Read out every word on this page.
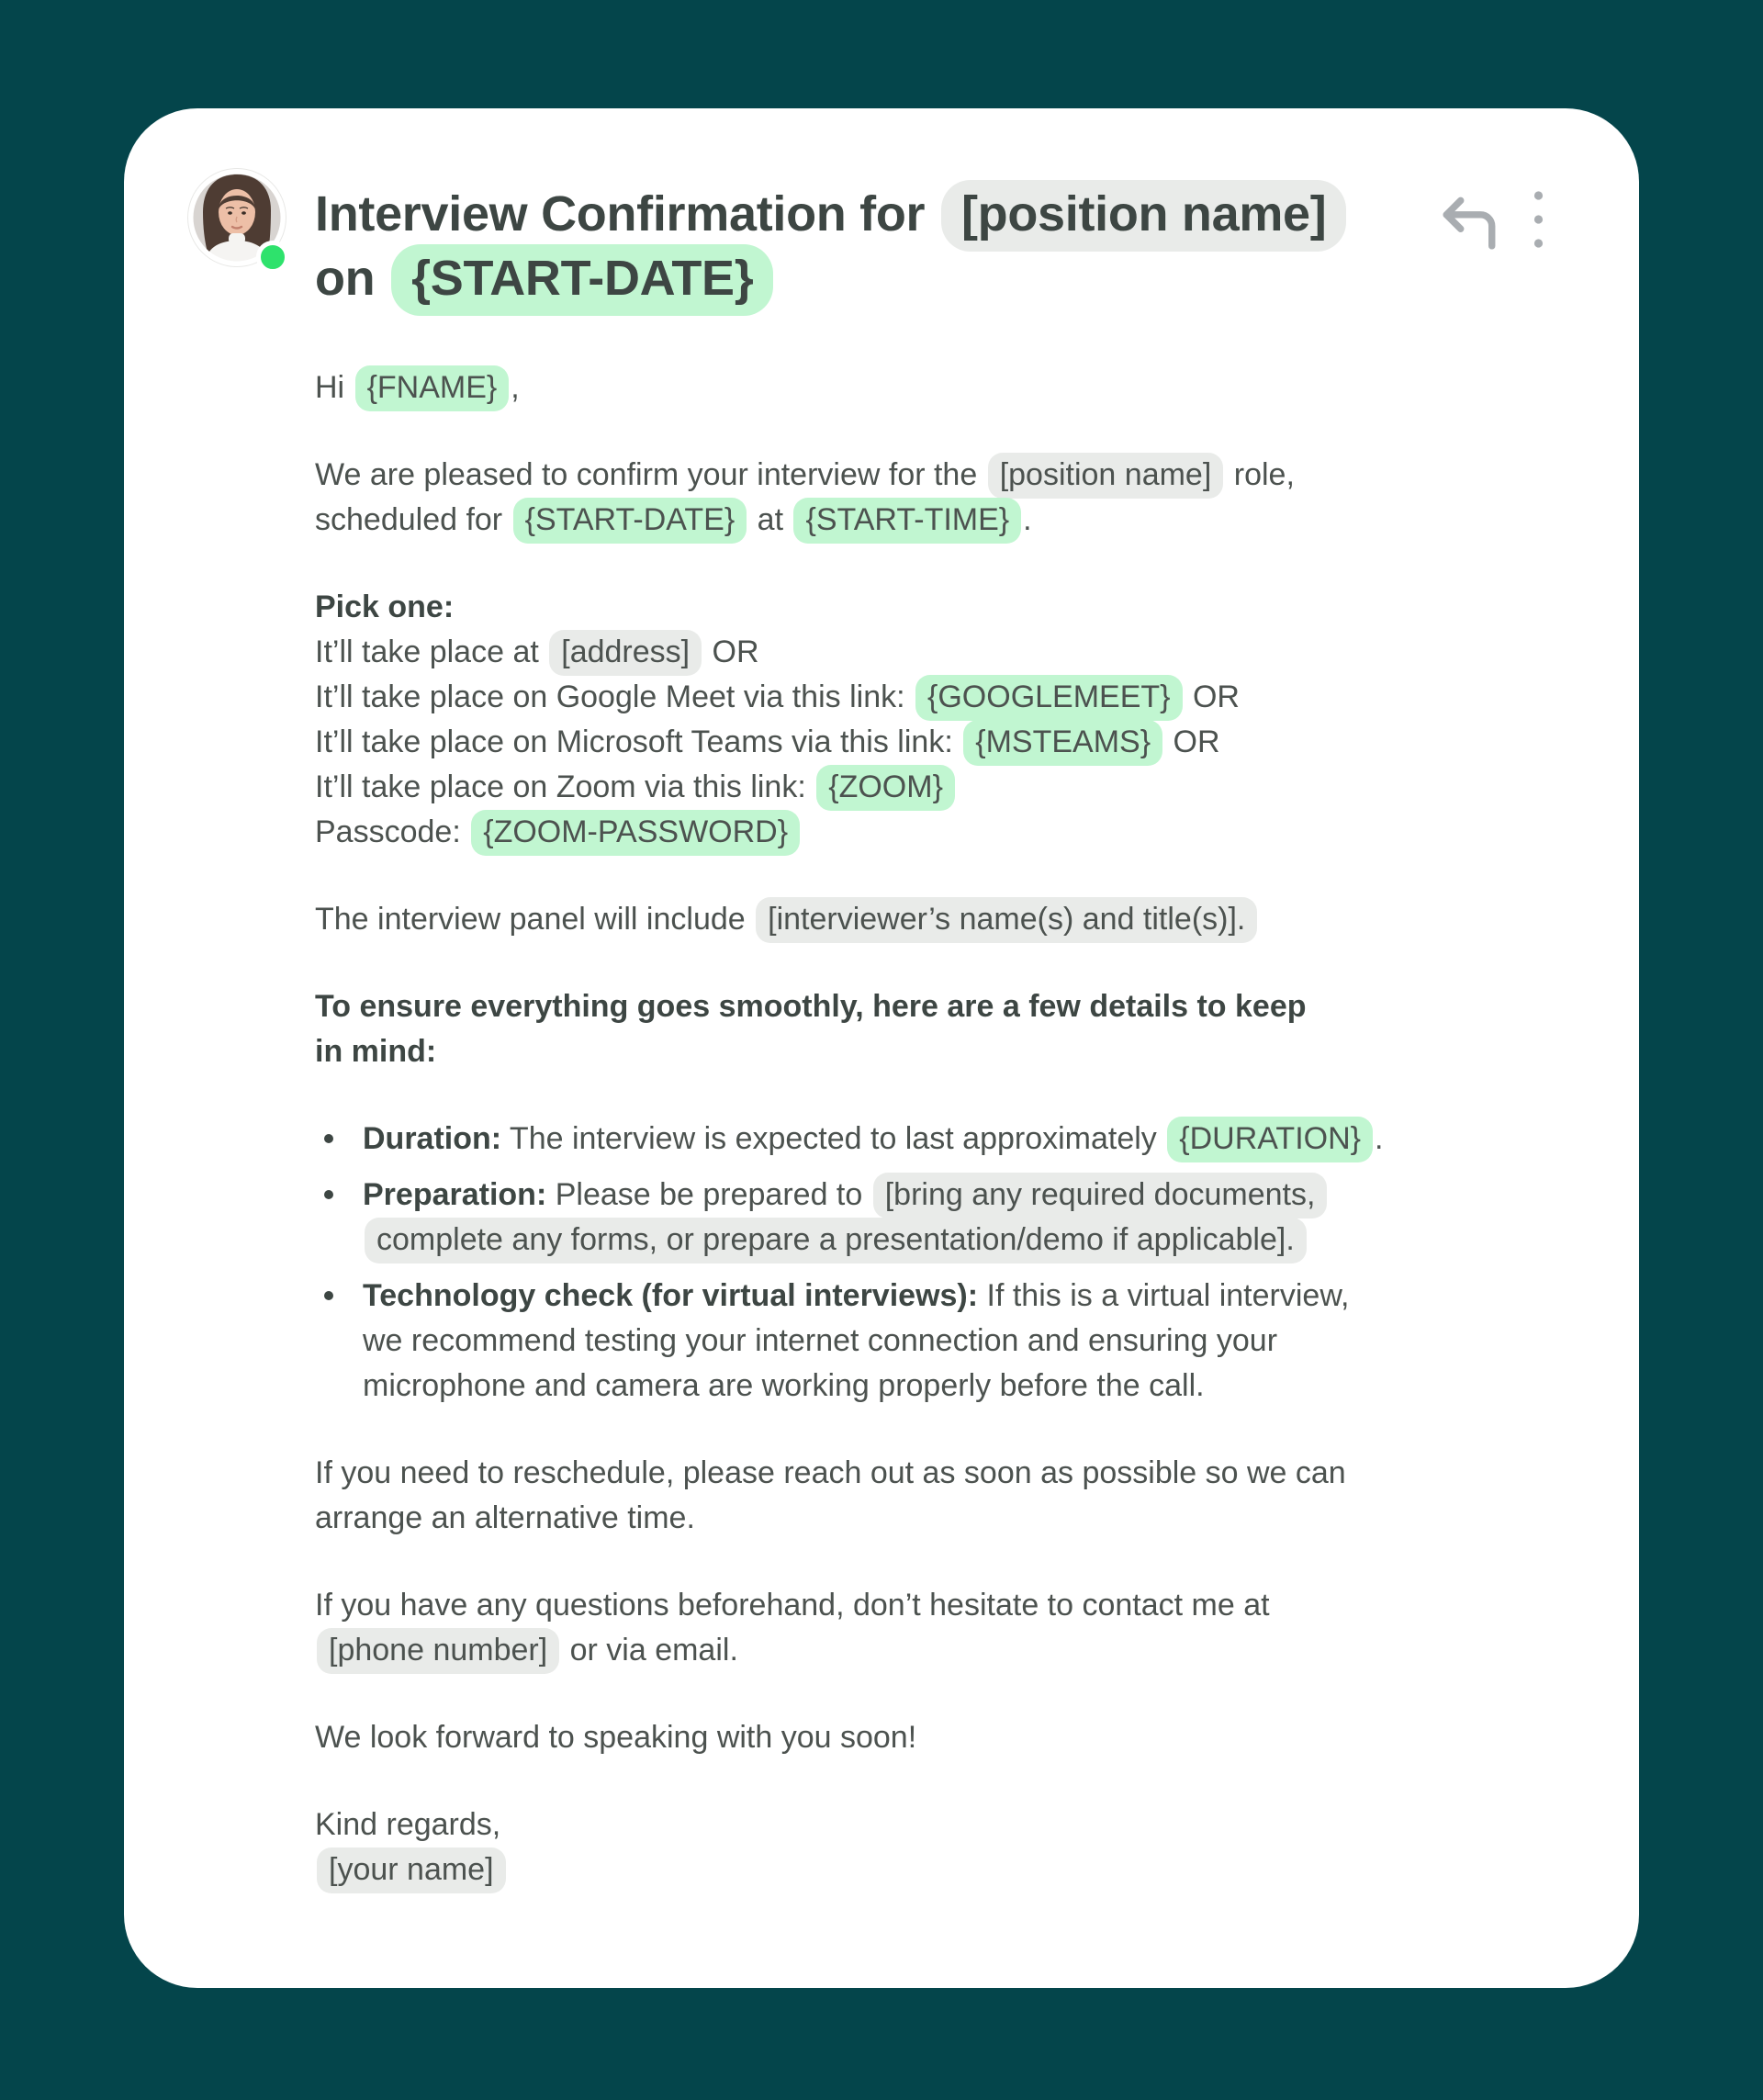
Interview Confirmation for [position name]
on {START-DATE}

Hi {FNAME} ,

We are pleased to confirm your interview for the [position name] role,
scheduled for {START-DATE} at {START-TIME} .

Pick one:
It’ll take place at [address] OR
It’ll take place on Google Meet via this link: {GOOGLEMEET} OR
It’ll take place on Microsoft Teams via this link: {MSTEAMS} OR
It’ll take place on Zoom via this link: {ZOOM}
Passcode: {ZOOM-PASSWORD}

The interview panel will include [interviewer’s name(s) and title(s)].

To ensure everything goes smoothly, here are a few details to keep
in mind:

Duration: The interview is expected to last approximately {DURATION} .
Preparation: Please be prepared to [bring any required documents,
complete any forms, or prepare a presentation/demo if applicable].
Technology check (for virtual interviews): If this is a virtual interview,
we recommend testing your internet connection and ensuring your
microphone and camera are working properly before the call.

If you need to reschedule, please reach out as soon as possible so we can
arrange an alternative time.

If you have any questions beforehand, don’t hesitate to contact me at
[phone number] or via email.

We look forward to speaking with you soon!

Kind regards,
[your name]
